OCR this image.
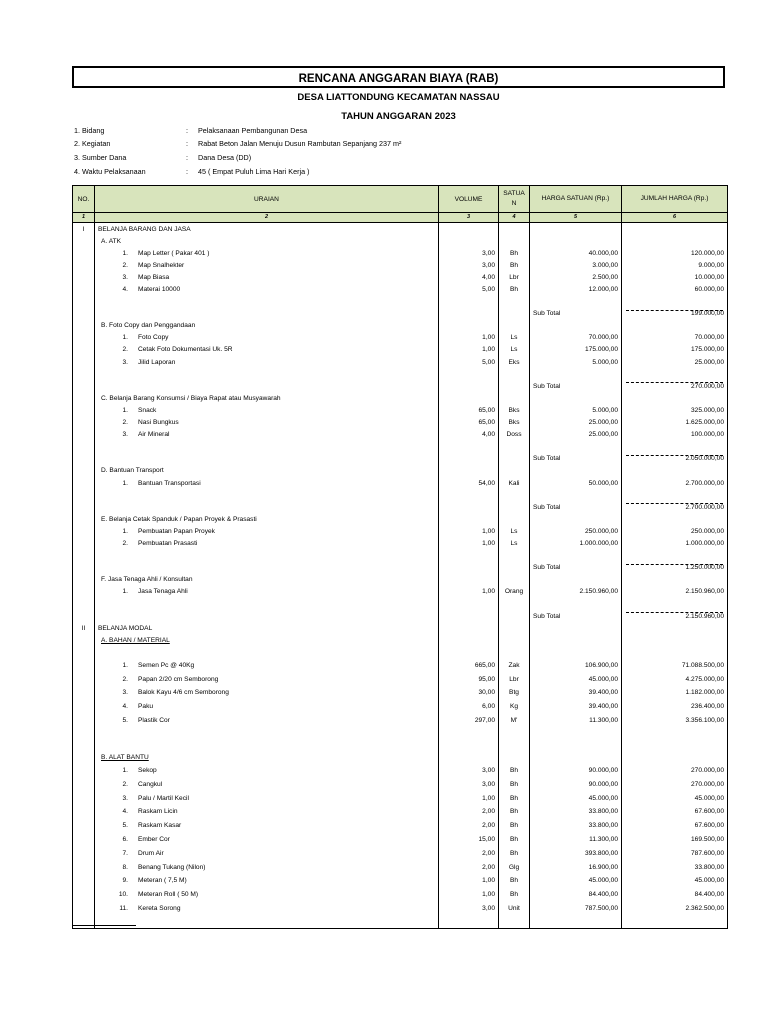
RENCANA ANGGARAN BIAYA (RAB)
DESA LIATTONDUNG KECAMATAN NASSAU
TAHUN ANGGARAN 2023
1. Bidang	: Pelaksanaan Pembangunan Desa
2. Kegiatan	: Rabat Beton Jalan Menuju Dusun Rambutan Sepanjang 237 m²
3. Sumber Dana	: Dana Desa (DD)
4. Waktu Pelaksanaan	: 45 ( Empat Puluh Lima Hari Kerja )
NO.	URAIAN	VOLUME	SATUA N	HARGA SATUAN (Rp.)	JUMLAH HARGA (Rp.)
1	2	3	4	5	6
I	BELANJA BARANG DAN JASA				
	A. ATK				
	1. Map Letter ( Pakar 401 )	3,00	Bh	40.000,00	120.000,00
	2. Map Snalhekter	3,00	Bh	3.000,00	9.000,00
	3. Map Biasa	4,00	Lbr	2.500,00	10.000,00
	4. Materai 10000	5,00	Bh	12.000,00	60.000,00

				Sub Total	199.000,00
	B. Foto Copy dan Penggandaan				
	1. Foto Copy	1,00	Ls	70.000,00	70.000,00
	2. Cetak Foto Dokumentasi Uk. 5R	1,00	Ls	175.000,00	175.000,00
	3. Jilid Laporan	5,00	Eks	5.000,00	25.000,00

				Sub Total	270.000,00
	C. Belanja Barang Konsumsi / Biaya Rapat atau Musyawarah				
	1. Snack	65,00	Bks	5.000,00	325.000,00
	2. Nasi Bungkus	65,00	Bks	25.000,00	1.625.000,00
	3. Air Mineral	4,00	Doss	25.000,00	100.000,00

				Sub Total	2.050.000,00
	D. Bantuan Transport				
	1. Bantuan Transportasi	54,00	Kali	50.000,00	2.700.000,00

				Sub Total	2.700.000,00
	E. Belanja Cetak Spanduk / Papan Proyek & Prasasti				
	1. Pembuatan Papan Proyek	1,00	Ls	250.000,00	250.000,00
	2. Pembuatan Prasasti	1,00	Ls	1.000.000,00	1.000.000,00

				Sub Total	1.250.000,00
	F. Jasa Tenaga Ahli / Konsultan				
	1. Jasa Tenaga Ahli	1,00	Orang	2.150.960,00	2.150.960,00

				Sub Total	2.150.960,00
II	BELANJA MODAL				
	A. BAHAN / MATERIAL				

	1. Semen Pc @ 40Kg	665,00	Zak	106.900,00	71.088.500,00
	2. Papan 2/20 cm Semborong	95,00	Lbr	45.000,00	4.275.000,00
	3. Balok Kayu 4/6 cm Semborong	30,00	Btg	39.400,00	1.182.000,00
	4. Paku	6,00	Kg	39.400,00	236.400,00
	5. Plastik Cor	297,00	M'	11.300,00	3.356.100,00

	B. ALAT BANTU				
	1. Sekop	3,00	Bh	90.000,00	270.000,00
	2. Cangkul	3,00	Bh	90.000,00	270.000,00
	3. Palu / Martil Kecil	1,00	Bh	45.000,00	45.000,00
	4. Raskam Licin	2,00	Bh	33.800,00	67.600,00
	5. Raskam Kasar	2,00	Bh	33.800,00	67.600,00
	6. Ember Cor	15,00	Bh	11.300,00	169.500,00
	7. Drum Air	2,00	Bh	393.800,00	787.600,00
	8. Benang Tukang (Nilon)	2,00	Glg	16.900,00	33.800,00
	9. Meteran ( 7,5 M)	1,00	Bh	45.000,00	45.000,00
	10. Meteran Roll ( 50 M)	1,00	Bh	84.400,00	84.400,00
	11. Kereta Sorong	3,00	Unit	787.500,00	2.362.500,00
